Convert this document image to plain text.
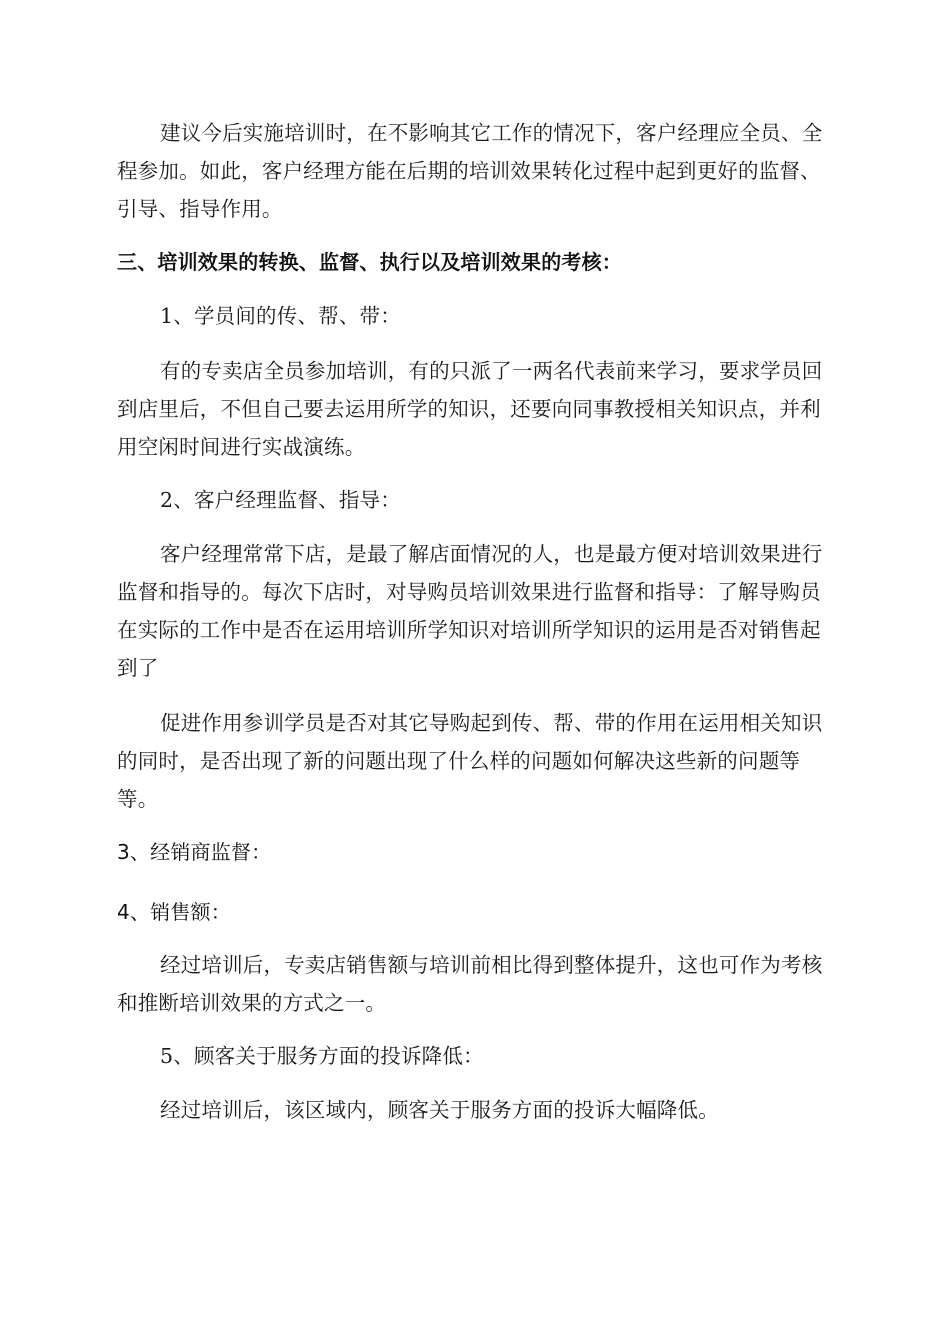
建议今后实施培训时，在不影响其它工作的情况下，客户经理应全员、全程参加。如此，客户经理方能在后期的培训效果转化过程中起到更好的监督、引导、指导作用。

三、培训效果的转换、监督、执行以及培训效果的考核：

1、学员间的传、帮、带：

有的专卖店全员参加培训，有的只派了一两名代表前来学习，要求学员回到店里后，不但自己要去运用所学的知识，还要向同事教授相关知识点，并利用空闲时间进行实战演练。

2、客户经理监督、指导：

客户经理常常下店，是最了解店面情况的人，也是最方便对培训效果进行监督和指导的。每次下店时，对导购员培训效果进行监督和指导：了解导购员在实际的工作中是否在运用培训所学知识对培训所学知识的运用是否对销售起到了

促进作用参训学员是否对其它导购起到传、帮、带的作用在运用相关知识的同时，是否出现了新的问题出现了什么样的问题如何解决这些新的问题等等。

3、经销商监督：

4、销售额：

经过培训后，专卖店销售额与培训前相比得到整体提升，这也可作为考核和推断培训效果的方式之一。

5、顾客关于服务方面的投诉降低：

经过培训后，该区域内，顾客关于服务方面的投诉大幅降低。
